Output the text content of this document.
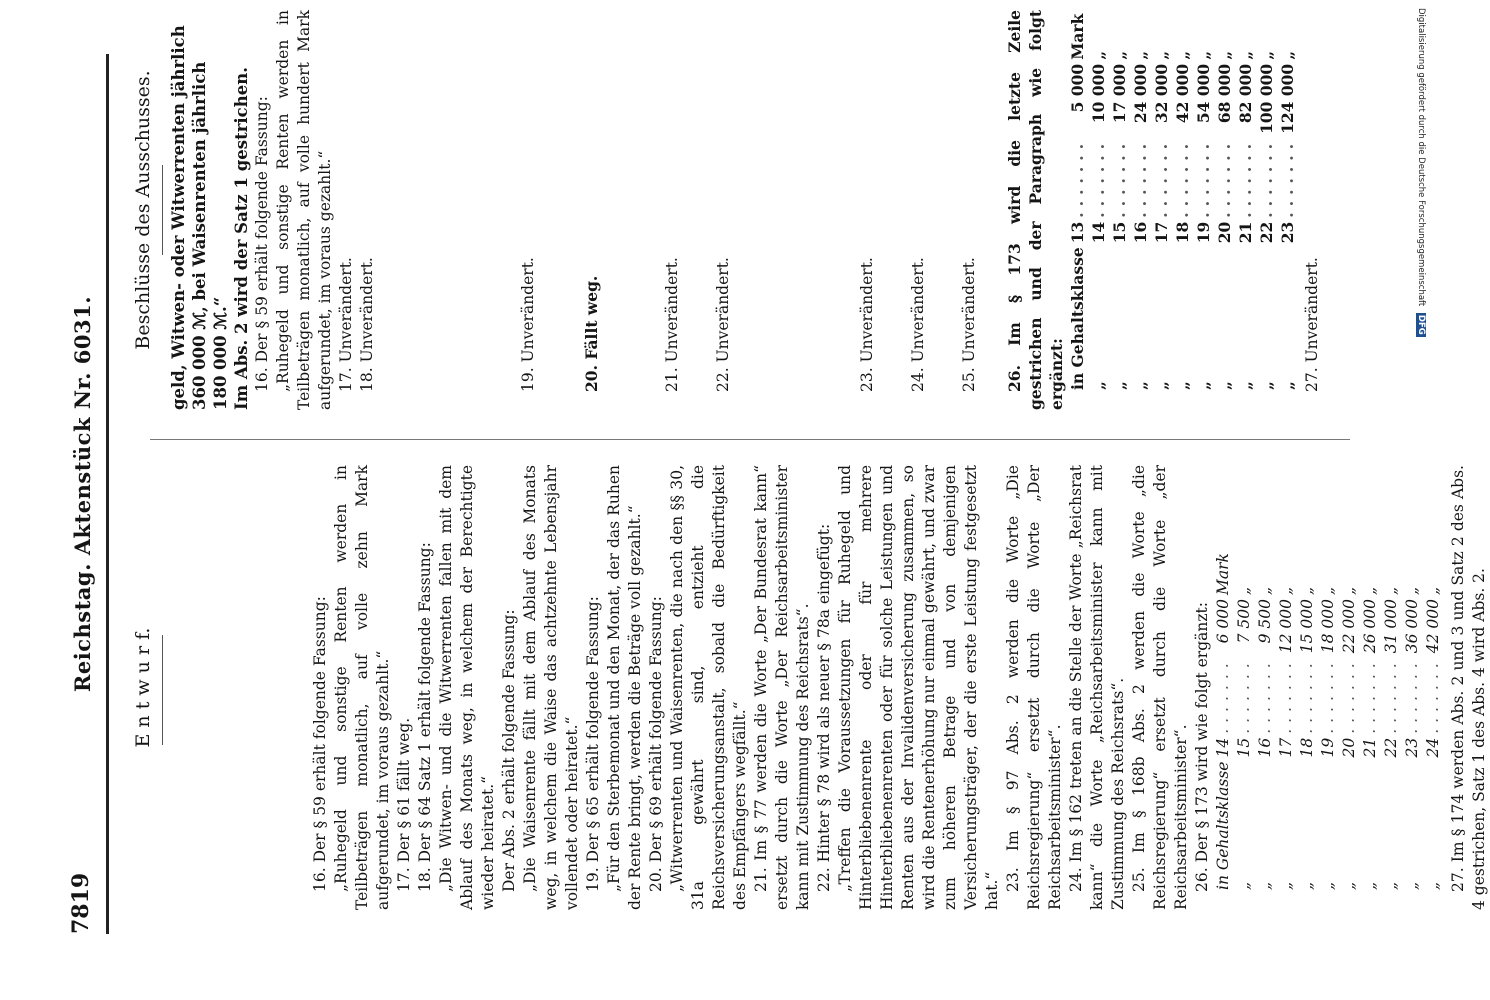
7819
Reichstag. Aktenstück Nr. 6031.
Beschlüsse des Ausschusses.
E n t w u r f.
geld, Witwen- oder Witwerrenten jährlich 360 000 ℳ, bei Waisenrenten jährlich 180 000 ℳ.“ Im Abs. 2 wird der Satz 1 gestrichen. 16. Der § 59 erhält folgende Fassung: „Ruhegeld und sonstige Renten werden in Teilbeträgen monatlich, auf volle hundert Mark aufgerundet, im voraus gezahlt.“ 17. Unverändert. 18. Unverändert.	19. Unverändert.	20. Fällt weg.	21. Unverändert. 22. Unverändert.	23. Unverändert. 24. Unverändert. 25. Unverändert. 26. Im § 173 wird die letzte Zeile gestrichen und der Paragraph wie folgt ergänzt: in Gehaltsklasse	13	.......	5 000	Mark
„	14	.......	10 000	„
„	15	.......	17 000	„
„	16	.......	24 000	„
„	17	.......	32 000	„
„	18	.......	42 000	„
„	19	.......	54 000	„
„	20	.......	68 000	„
„	21	.......	82 000	„
„	22	.......	100 000	„
„	23	.......	124 000	„

27. Unverändert.

16. Der § 59 erhält folgende Fassung: „Ruhegeld und sonstige Renten werden in Teilbeträgen monatlich, auf volle zehn Mark aufgerundet, im voraus gezahlt.“ 17. Der § 61 fällt weg. 18. Der § 64 Satz 1 erhält folgende Fassung: „Die Witwen- und die Witwerrenten fallen mit dem Ablauf des Monats weg, in welchem der Berechtigte wieder heiratet.“ Der Abs. 2 erhält folgende Fassung: „Die Waisenrente fällt mit dem Ablauf des Monats weg, in welchem die Waise das achtzehnte Lebensjahr vollendet oder heiratet.“ 19. Der § 65 erhält folgende Fassung: „Für den Sterbemonat und den Monat, der das Ruhen der Rente bringt, werden die Beträge voll gezahlt.“ 20. Der § 69 erhält folgende Fassung: „Witwerrenten und Waisenrenten, die nach den §§ 30, 31a gewährt sind, entzieht die Reichsversicherungsanstalt, sobald die Bedürftigkeit des Empfängers wegfällt.“ 21. Im § 77 werden die Worte „Der Bundesrat kann“ ersetzt durch die Worte „Der Reichsarbeitsminister kann mit Zustimmung des Reichsrats“. 22. Hinter § 78 wird als neuer § 78a eingefügt: „Treffen die Voraussetzungen für Ruhegeld und Hinterbliebenenrente oder für mehrere Hinterbliebenenrenten oder für solche Leistungen und Renten aus der Invalidenversicherung zusammen, so wird die Rentenerhöhung nur einmal gewährt, und zwar zum höheren Betrage und von demjenigen Versicherungsträger, der die erste Leistung festgesetzt hat.“ 23. Im § 97 Abs. 2 werden die Worte „Die Reichsregierung“ ersetzt durch die Worte „Der Reichsarbeitsminister“. 24. Im § 162 treten an die Stelle der Worte „Reichsrat kann“ die Worte „Reichsarbeitsminister kann mit Zustimmung des Reichsrats“. 25. Im § 168b Abs. 2 werden die Worte „die Reichsregierung“ ersetzt durch die Worte „der Reichsarbeitsminister“. 26. Der § 173 wird wie folgt ergänzt: in Gehaltsklasse	14	.......	6 000	Mark
„	15	.......	7 500	„
„	16	.......	9 500	„
„	17	.......	12 000	„
„	18	.......	15 000	„
„	19	.......	18 000	„
„	20	.......	22 000	„
„	21	.......	26 000	„
„	22	.......	31 000	„
„	23	.......	36 000	„
„	24	.......	42 000	„ 27. Im § 174 werden Abs. 2 und 3 und Satz 2 des Abs. 4 gestrichen, Satz 1 des Abs. 4 wird Abs. 2.

Digitalisierung gefördert durch die Deutsche Forschungsgemeinschaft DFG
